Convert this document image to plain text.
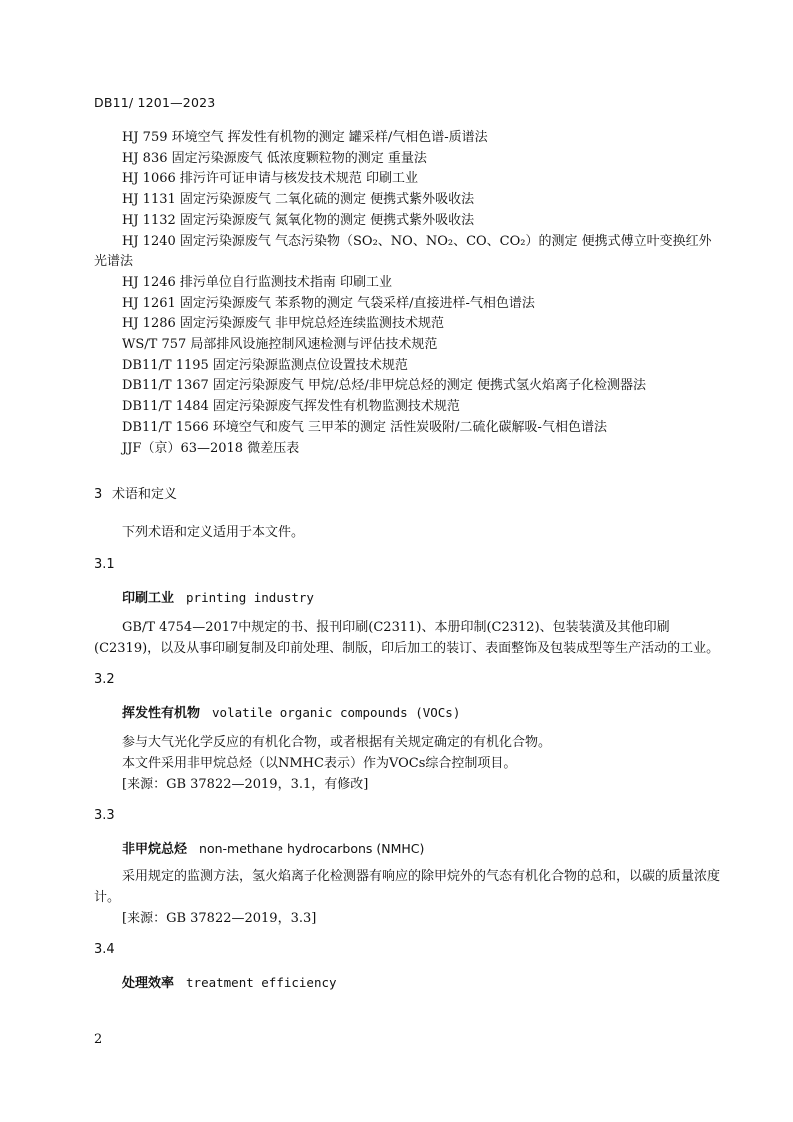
DB11/ 1201—2023
HJ 759 环境空气 挥发性有机物的测定 罐采样/气相色谱-质谱法
HJ 836 固定污染源废气 低浓度颗粒物的测定 重量法
HJ 1066 排污许可证申请与核发技术规范 印刷工业
HJ 1131 固定污染源废气 二氧化硫的测定 便携式紫外吸收法
HJ 1132 固定污染源废气 氮氧化物的测定 便携式紫外吸收法
HJ 1240 固定污染源废气 气态污染物（SO₂、NO、NO₂、CO、CO₂）的测定 便携式傅立叶变换红外光谱法
HJ 1246 排污单位自行监测技术指南 印刷工业
HJ 1261 固定污染源废气 苯系物的测定 气袋采样/直接进样-气相色谱法
HJ 1286 固定污染源废气 非甲烷总烃连续监测技术规范
WS/T 757 局部排风设施控制风速检测与评估技术规范
DB11/T 1195 固定污染源监测点位设置技术规范
DB11/T 1367 固定污染源废气 甲烷/总烃/非甲烷总烃的测定 便携式氢火焰离子化检测器法
DB11/T 1484 固定污染源废气挥发性有机物监测技术规范
DB11/T 1566 环境空气和废气 三甲苯的测定 活性炭吸附/二硫化碳解吸-气相色谱法
JJF（京）63—2018 微差压表
3 术语和定义

下列术语和定义适用于本文件。

3.1
印刷工业 printing industry

GB/T 4754—2017中规定的书、报刊印刷(C2311)、本册印制(C2312)、包装装潢及其他印刷(C2319)，以及从事印刷复制及印前处理、制版，印后加工的装订、表面整饰及包装成型等生产活动的工业。

3.2
挥发性有机物 volatile organic compounds (VOCs)

参与大气光化学反应的有机化合物，或者根据有关规定确定的有机化合物。

本文件采用非甲烷总烃（以NMHC表示）作为VOCs综合控制项目。

[来源：GB 37822—2019，3.1，有修改]

3.3
非甲烷总烃 non-methane hydrocarbons (NMHC)

采用规定的监测方法，氢火焰离子化检测器有响应的除甲烷外的气态有机化合物的总和，以碳的质量浓度计。

[来源：GB 37822—2019，3.3]

3.4
处理效率 treatment efficiency
2
